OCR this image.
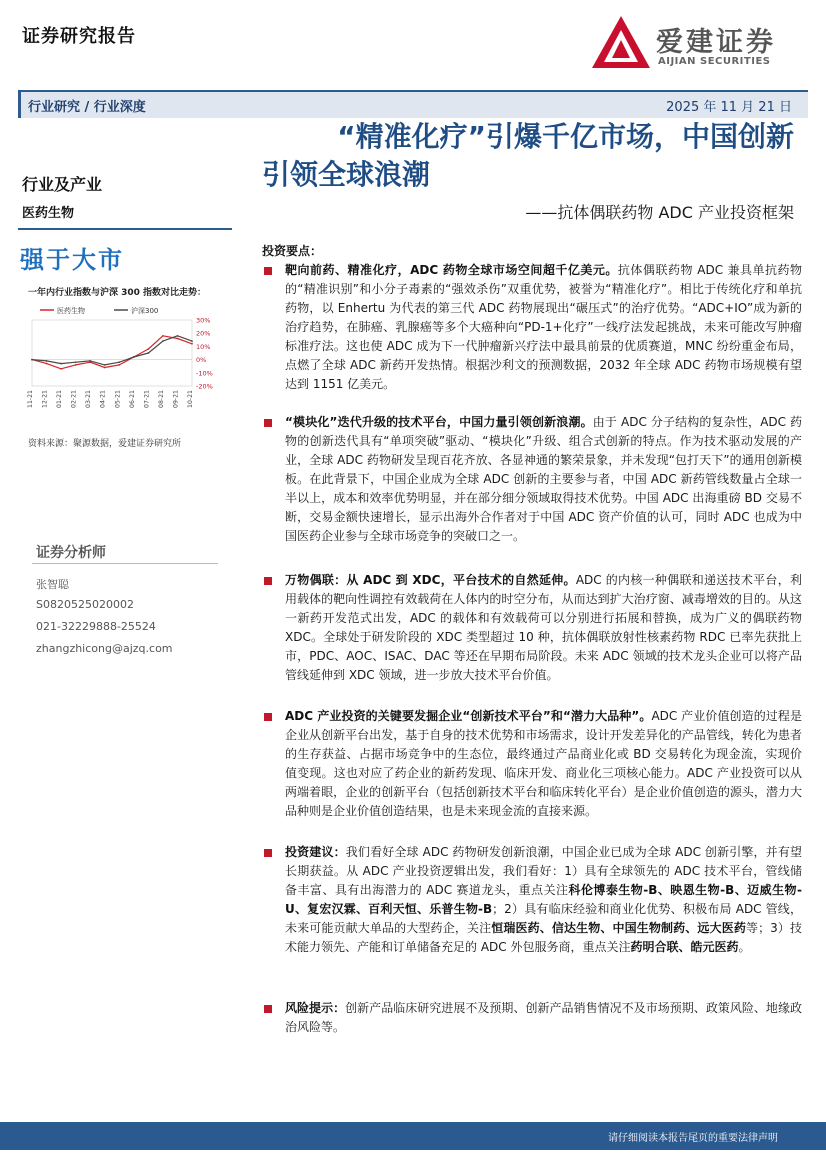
证券研究报告	爱建证券
AIJIAN SECURITIES
行业研究 / 行业深度	2025 年 11 月 21 日
“精准化疗”引爆千亿市场，中国创新
引领全球浪潮
——抗体偶联药物 ADC 产业投资框架
行业及产业
医药生物
强于大市
一年内行业指数与沪深 300 指数对比走势：
医药生物	沪深300
30%
20%
10%
0%
-10%
-20%
11-21 12-21 01-21 02-21 03-21 04-21 05-21 06-21 07-21 08-21 09-21 10-21
资料来源：聚源数据，爱建证券研究所
证券分析师
张智聪
S0820525020002
021-32229888-25524
zhangzhicong@ajzq.com
投资要点：
靶向前药、精准化疗，ADC 药物全球市场空间超千亿美元。抗体偶联药物 ADC 兼具单抗药物的“精准识别”和小分子毒素的“强效杀伤”双重优势，被誉为“精准化疗”。相比于传统化疗和单抗药物，以 Enhertu 为代表的第三代 ADC 药物展现出“碾压式”的治疗优势。“ADC+IO”成为新的治疗趋势，在肺癌、乳腺癌等多个大癌种向“PD-1+化疗”一线疗法发起挑战，未来可能改写肿瘤标准疗法。这也使 ADC 成为下一代肿瘤新兴疗法中最具前景的优质赛道，MNC 纷纷重金布局，点燃了全球 ADC 新药开发热情。根据沙利文的预测数据，2032 年全球 ADC 药物市场规模有望达到 1151 亿美元。
“模块化”迭代升级的技术平台，中国力量引领创新浪潮。由于 ADC 分子结构的复杂性，ADC 药物的创新迭代具有“单项突破”驱动、“模块化”升级、组合式创新的特点。作为技术驱动发展的产业，全球 ADC 药物研发呈现百花齐放、各显神通的繁荣景象，并未发现“包打天下”的通用创新模板。在此背景下，中国企业成为全球 ADC 创新的主要参与者，中国 ADC 新药管线数量占全球一半以上，成本和效率优势明显，并在部分细分领域取得技术优势。中国 ADC 出海重磅 BD 交易不断，交易金额快速增长，显示出海外合作者对于中国 ADC 资产价值的认可，同时 ADC 也成为中国医药企业参与全球市场竞争的突破口之一。
万物偶联：从 ADC 到 XDC，平台技术的自然延伸。ADC 的内核一种偶联和递送技术平台，利用载体的靶向性调控有效载荷在人体内的时空分布，从而达到扩大治疗窗、减毒增效的目的。从这一新药开发范式出发，ADC 的载体和有效载荷可以分别进行拓展和替换，成为广义的偶联药物 XDC。全球处于研发阶段的 XDC 类型超过 10 种，抗体偶联放射性核素药物 RDC 已率先获批上市，PDC、AOC、ISAC、DAC 等还在早期布局阶段。未来 ADC 领域的技术龙头企业可以将产品管线延伸到 XDC 领域，进一步放大技术平台价值。
ADC 产业投资的关键要发掘企业“创新技术平台”和“潜力大品种”。ADC 产业价值创造的过程是企业从创新平台出发，基于自身的技术优势和市场需求，设计开发差异化的产品管线，转化为患者的生存获益、占据市场竞争中的生态位，最终通过产品商业化或 BD 交易转化为现金流，实现价值变现。这也对应了药企业的新药发现、临床开发、商业化三项核心能力。ADC 产业投资可以从两端着眼，企业的创新平台（包括创新技术平台和临床转化平台）是企业价值创造的源头，潜力大品种则是企业价值创造结果，也是未来现金流的直接来源。
投资建议：我们看好全球 ADC 药物研发创新浪潮，中国企业已成为全球 ADC 创新引擎，并有望长期获益。从 ADC 产业投资逻辑出发，我们看好：1）具有全球领先的 ADC 技术平台，管线储备丰富、具有出海潜力的 ADC 赛道龙头，重点关注科伦博泰生物-B、映恩生物-B、迈威生物-U、复宏汉霖、百利天恒、乐普生物-B；2）具有临床经验和商业化优势、积极布局 ADC 管线，未来可能贡献大单品的大型药企，关注恒瑞医药、信达生物、中国生物制药、远大医药等；3）技术能力领先、产能和订单储备充足的 ADC 外包服务商，重点关注药明合联、皓元医药。
风险提示：创新产品临床研究进展不及预期、创新产品销售情况不及市场预期、政策风险、地缘政治风险等。
请仔细阅读本报告尾页的重要法律声明
